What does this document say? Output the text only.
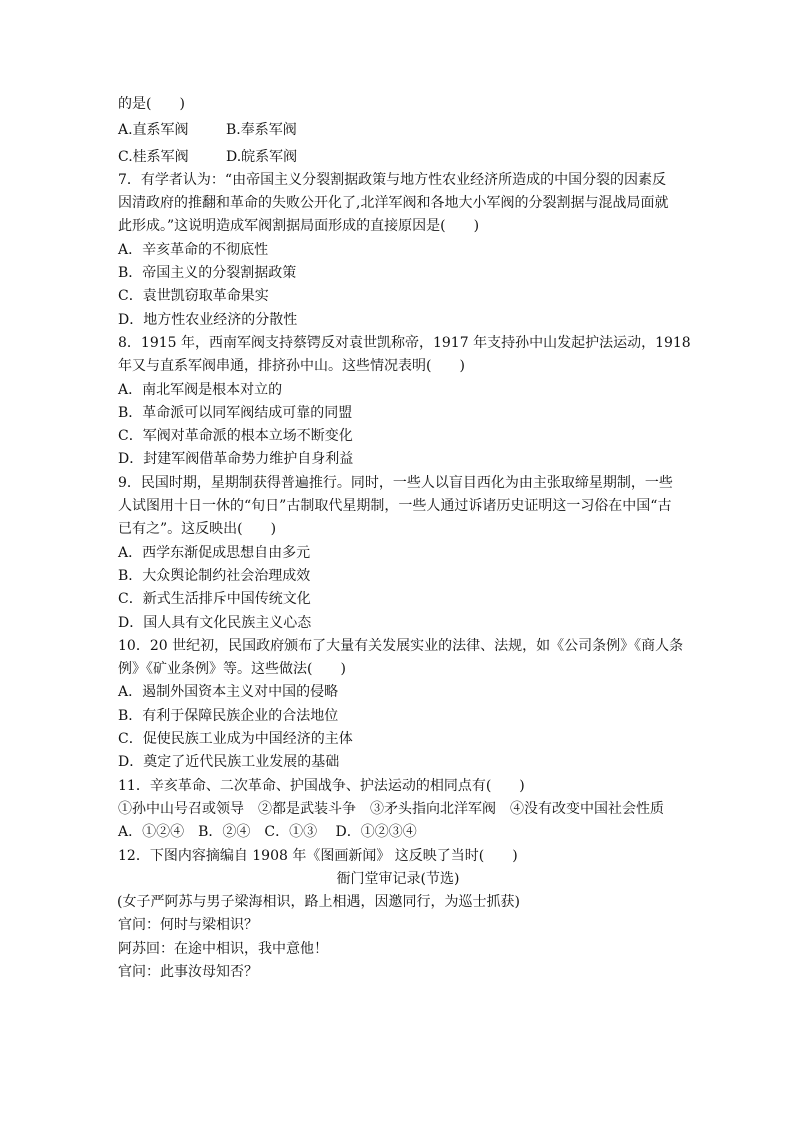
的是(　　)
A.直系军阀	B.奉系军阀
C.桂系军阀	D.皖系军阀
7．有学者认为：“由帝国主义分裂割据政策与地方性农业经济所造成的中国分裂的因素反
因清政府的推翻和革命的失败公开化了,北洋军阀和各地大小军阀的分裂割据与混战局面就
此形成。”这说明造成军阀割据局面形成的直接原因是(　　)
A．辛亥革命的不彻底性
B．帝国主义的分裂割据政策
C．袁世凯窃取革命果实
D．地方性农业经济的分散性
8．1915 年，西南军阀支持蔡锷反对袁世凯称帝，1917 年支持孙中山发起护法运动，1918
年又与直系军阀串通，排挤孙中山。这些情况表明(　　)
A．南北军阀是根本对立的
B．革命派可以同军阀结成可靠的同盟
C．军阀对革命派的根本立场不断变化
D．封建军阀借革命势力维护自身利益
9．民国时期，星期制获得普遍推行。同时，一些人以盲目西化为由主张取缔星期制，一些
人试图用十日一休的“旬日”古制取代星期制，一些人通过诉诸历史证明这一习俗在中国“古
已有之”。这反映出(　　)
A．西学东渐促成思想自由多元
B．大众舆论制约社会治理成效
C．新式生活排斥中国传统文化
D．国人具有文化民族主义心态
10．20 世纪初，民国政府颁布了大量有关发展实业的法律、法规，如《公司条例》《商人条
例》《矿业条例》等。这些做法(　　)
A．遏制外国资本主义对中国的侵略
B．有利于保障民族企业的合法地位
C．促使民族工业成为中国经济的主体
D．奠定了近代民族工业发展的基础
11．辛亥革命、二次革命、护国战争、护法运动的相同点有(　　)
①孙中山号召或领导　②都是武装斗争　③矛头指向北洋军阀　④没有改变中国社会性质
A．①②④　B．②④　C．①③　 D．①②③④
12．下图内容摘编自 1908 年《图画新闻》 这反映了当时(　　)
衙门堂审记录(节选)
(女子严阿苏与男子梁海相识，路上相遇，因邀同行，为巡士抓获)
官问：何时与梁相识？
阿苏回：在途中相识，我中意他！
官问：此事汝母知否？
